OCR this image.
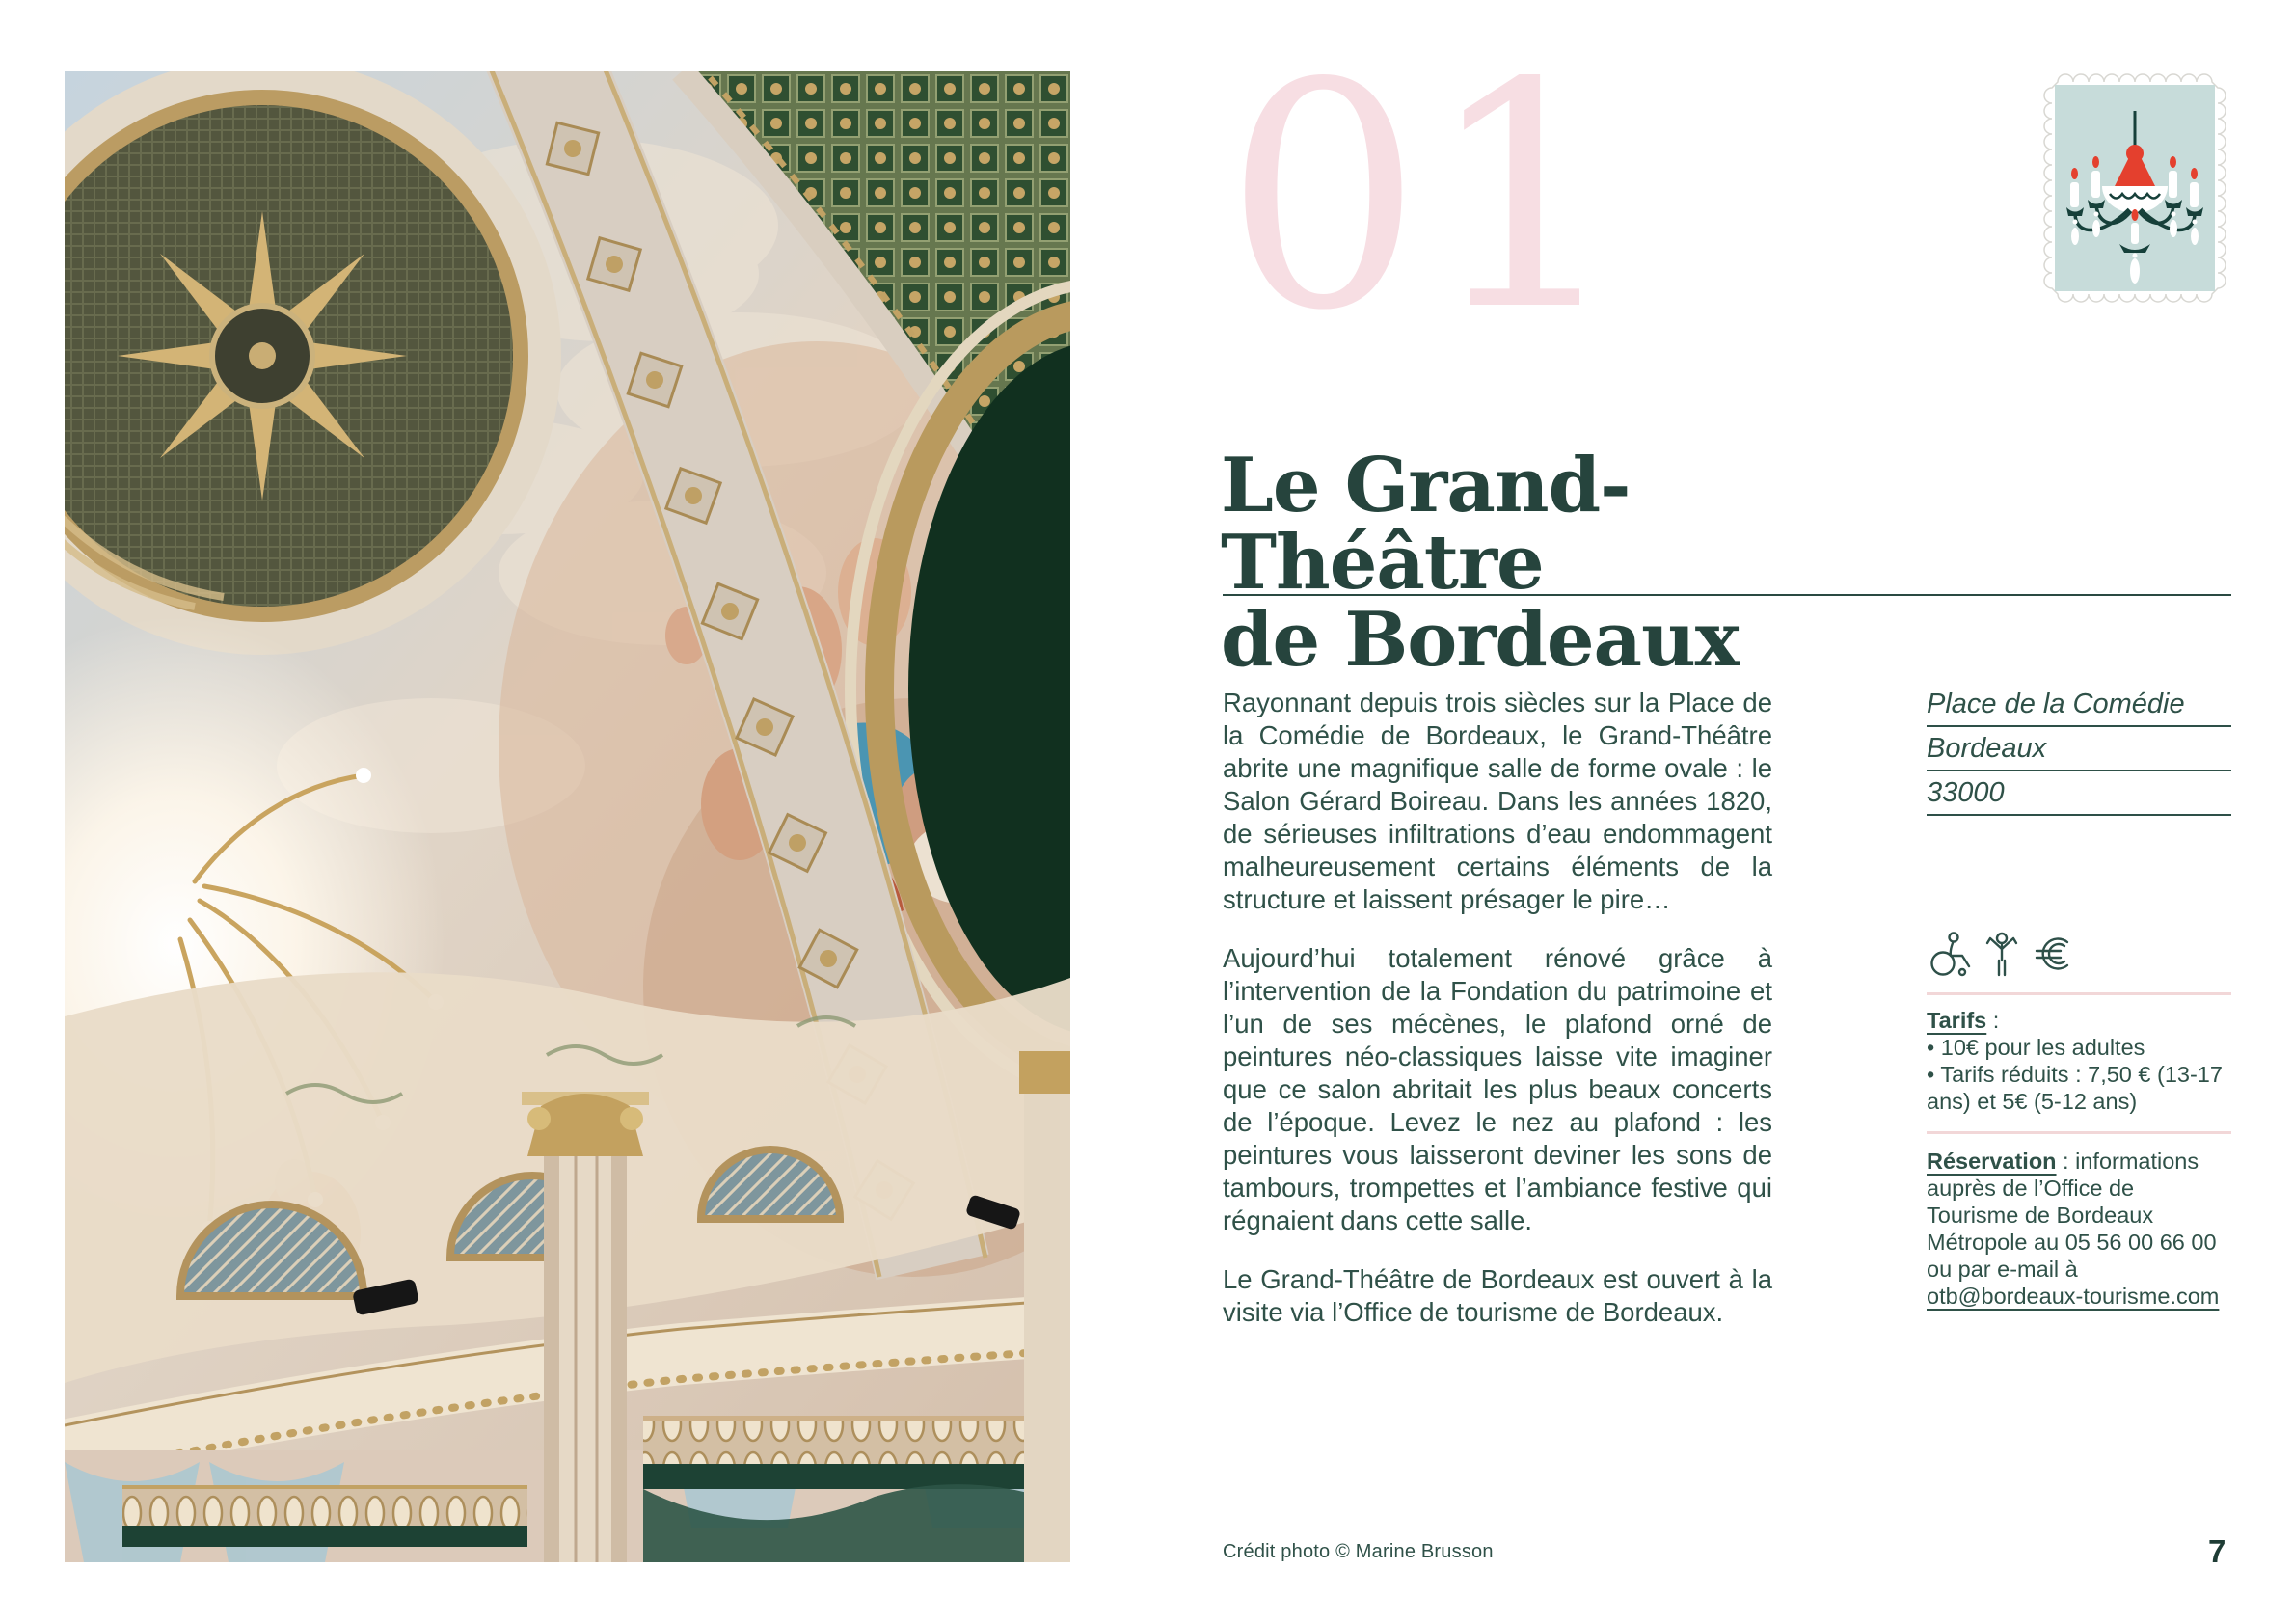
01
Le Grand-Théâtre
de Bordeaux

Rayonnant depuis trois siècles sur la Place de la Comédie de Bordeaux, le Grand-Théâtre abrite une magnifique salle de forme ovale : le Salon Gérard Boireau. Dans les années 1820, de sérieuses infiltrations d’eau endommagent malheureusement certains éléments de la structure et laissent présager le pire…

Aujourd’hui totalement rénové grâce à l’intervention de la Fondation du patrimoine et l’un de ses mécènes, le plafond orné de peintures néo-classiques laisse vite imaginer que ce salon abritait les plus beaux concerts de l’époque. Levez le nez au plafond : les peintures vous laisseront deviner les sons de tambours, trompettes et l’ambiance festive qui régnaient dans cette salle.

Le Grand-Théâtre de Bordeaux est ouvert à la visite via l’Office de tourisme de Bordeaux.

Place de la Comédie
Bordeaux
33000
Tarifs :
• 10€ pour les adultes
• Tarifs réduits : 7,50 € (13-17 ans) et 5€ (5-12 ans)
Réservation : informations auprès de l’Office de Tourisme de Bordeaux Métropole au 05 56 00 66 00 ou par e-mail à otb@bordeaux-tourisme.com
Crédit photo © Marine Brusson	7
